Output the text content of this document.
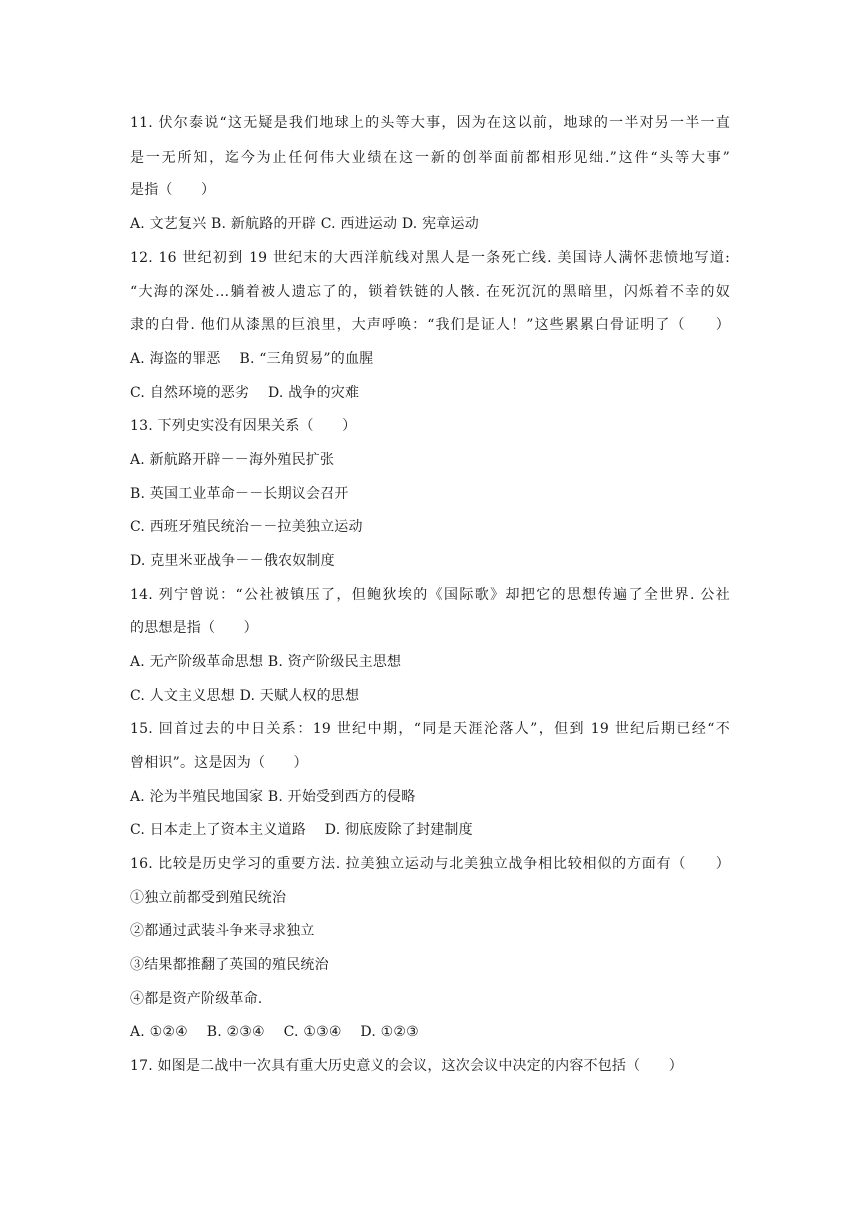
11. 伏尔泰说“这无疑是我们地球上的头等大事，因为在这以前，地球的一半对另一半一直
是一无所知，迄今为止任何伟大业绩在这一新的创举面前都相形见绌.”这件“头等大事”
是指（　　）
A. 文艺复兴 B. 新航路的开辟 C. 西进运动 D. 宪章运动
12. 16 世纪初到 19 世纪末的大西洋航线对黑人是一条死亡线. 美国诗人满怀悲愤地写道:
“大海的深处…躺着被人遗忘了的，锁着铁链的人骸. 在死沉沉的黑暗里，闪烁着不幸的奴
隶的白骨. 他们从漆黑的巨浪里，大声呼唤：“我们是证人！”这些累累白骨证明了（　　）
A. 海盗的罪恶　 B. “三角贸易”的血腥
C. 自然环境的恶劣　 D. 战争的灾难
13. 下列史实没有因果关系（　　）
A. 新航路开辟－－海外殖民扩张
B. 英国工业革命－－长期议会召开
C. 西班牙殖民统治－－拉美独立运动
D. 克里米亚战争－－俄农奴制度
14. 列宁曾说：“公社被镇压了，但鲍狄埃的《国际歌》却把它的思想传遍了全世界. 公社
的思想是指（　　）
A. 无产阶级革命思想 B. 资产阶级民主思想
C. 人文主义思想 D. 天赋人权的思想
15. 回首过去的中日关系：19 世纪中期，“同是天涯沦落人”，但到 19 世纪后期已经“不
曾相识”。这是因为（　　）
A. 沦为半殖民地国家 B. 开始受到西方的侵略
C. 日本走上了资本主义道路　 D. 彻底废除了封建制度
16. 比较是历史学习的重要方法. 拉美独立运动与北美独立战争相比较相似的方面有（　　）
①独立前都受到殖民统治
②都通过武装斗争来寻求独立
③结果都推翻了英国的殖民统治
④都是资产阶级革命.
A. ①②④　 B. ②③④　 C. ①③④　 D. ①②③
17. 如图是二战中一次具有重大历史意义的会议，这次会议中决定的内容不包括（　　）
